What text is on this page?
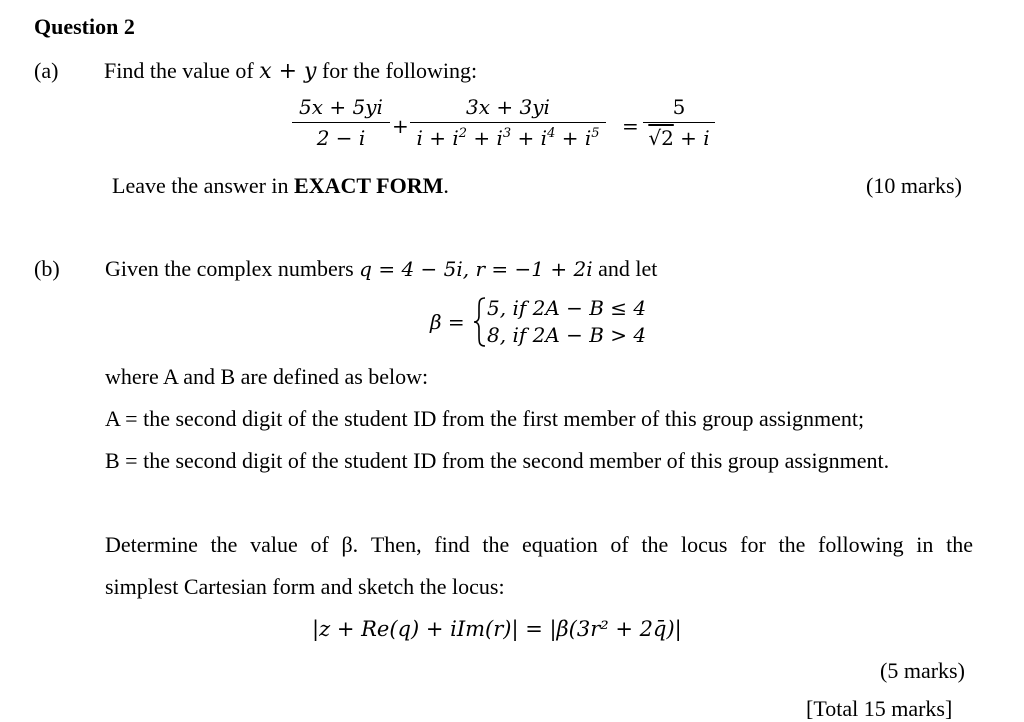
Question 2
(a) Find the value of x + y for the following:
5x + 5yi
2 − i	+
3x + 3yi
$i + i^2 + i^3 + i^4 + i^5$	=
5
√2 + i
Leave the answer in EXACT FORM.	(10 marks)
(b) Given the complex numbers q = 4 − 5i, r = −1 + 2i and let
β =
5, if 2A − B ≤ 4
8, if 2A − B > 4
where A and B are defined as below:
A = the second digit of the student ID from the first member of this group assignment;
B = the second digit of the student ID from the second member of this group assignment.
Determine the value of β. Then, find the equation of the locus for the following in the
simplest Cartesian form and sketch the locus:
|z + Re(q) + iIm(r)| = |β(3r² + 2q̄)|
(5 marks)
[Total 15 marks]
